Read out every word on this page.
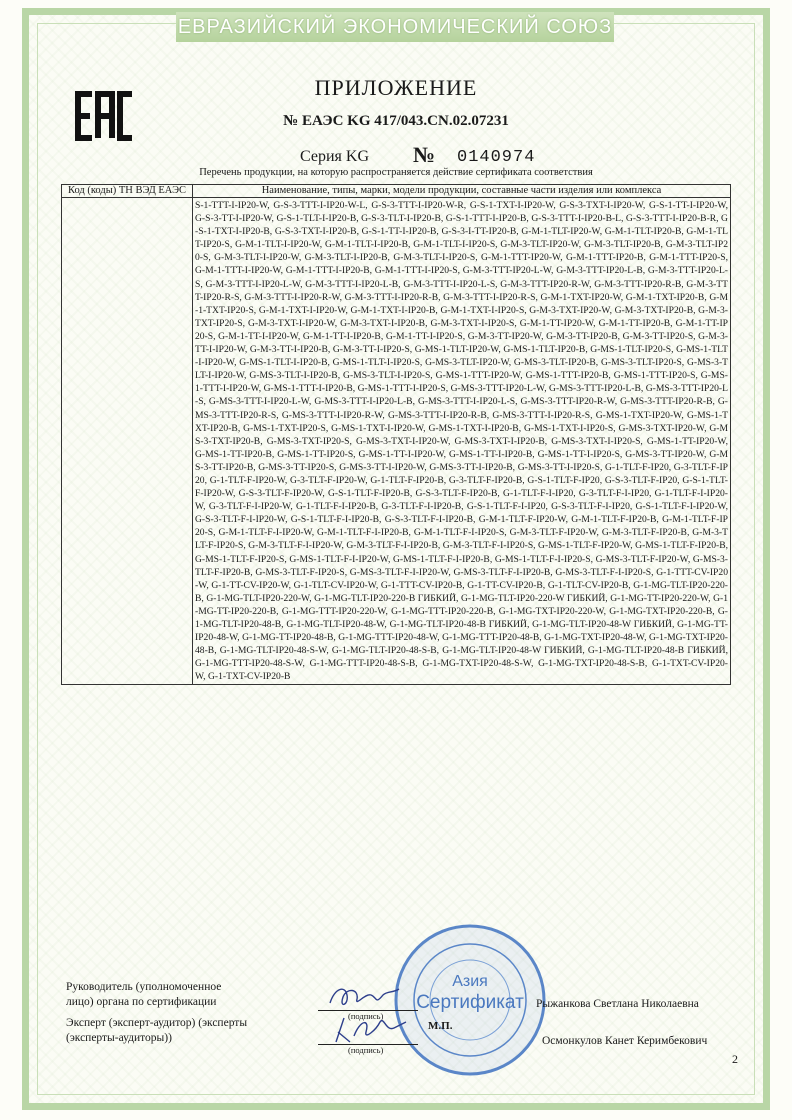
ЕВРАЗИЙСКИЙ ЭКОНОМИЧЕСКИЙ СОЮЗ
ПРИЛОЖЕНИЕ
№ ЕАЭС KG 417/043.CN.02.07231
Серия KG № 0140974
Перечень продукции, на которую распространяется действие сертификата соответствия
Код (коды) ТН ВЭД ЕАЭС	Наименование, типы, марки, модели продукции, составные части изделия или комплекса
	S-1-TTT-I-IP20-W, G-S-3-TTT-I-IP20-W-L, G-S-3-TTT-I-IP20-W-R, G-S-1-TXT-I-IP20-W, G-S-3-TXT-I-IP20-W, G-S-1-TT-I-IP20-W, G-S-3-TT-I-IP20-W, G-S-1-TLT-I-IP20-B, G-S-3-TLT-I-IP20-B, G-S-1-TTT-I-IP20-B, G-S-3-TTT-I-IP20-B-L, G-S-3-TTT-I-IP20-B-R, G-S-1-TXT-I-IP20-B, G-S-3-TXT-I-IP20-B, G-S-1-TT-I-IP20-B, G-S-3-I-TT-IP20-B, G-M-1-TLT-IP20-W, G-M-1-TLT-IP20-B, G-M-1-TLT-IP20-S, G-M-1-TLT-I-IP20-W, G-M-1-TLT-I-IP20-B, G-M-1-TLT-I-IP20-S, G-M-3-TLT-IP20-W, G-M-3-TLT-IP20-B, G-M-3-TLT-IP20-S, G-M-3-TLT-I-IP20-W, G-M-3-TLT-I-IP20-B, G-M-3-TLT-I-IP20-S, G-M-1-TTT-IP20-W, G-M-1-TTT-IP20-B, G-M-1-TTT-IP20-S, G-M-1-TTT-I-IP20-W, G-M-1-TTT-I-IP20-B, G-M-1-TTT-I-IP20-S, G-M-3-TTT-IP20-L-W, G-M-3-TTT-IP20-L-B, G-M-3-TTT-IP20-L-S, G-M-3-TTT-I-IP20-L-W, G-M-3-TTT-I-IP20-L-B, G-M-3-TTT-I-IP20-L-S, G-M-3-TTT-IP20-R-W, G-M-3-TTT-IP20-R-B, G-M-3-TTT-IP20-R-S, G-M-3-TTT-I-IP20-R-W, G-M-3-TTT-I-IP20-R-B, G-M-3-TTT-I-IP20-R-S, G-M-1-TXT-IP20-W, G-M-1-TXT-IP20-B, G-M-1-TXT-IP20-S, G-M-1-TXT-I-IP20-W, G-M-1-TXT-I-IP20-B, G-M-1-TXT-I-IP20-S, G-M-3-TXT-IP20-W, G-M-3-TXT-IP20-B, G-M-3-TXT-IP20-S, G-M-3-TXT-I-IP20-W, G-M-3-TXT-I-IP20-B, G-M-3-TXT-I-IP20-S, G-M-1-TT-IP20-W, G-M-1-TT-IP20-B, G-M-1-TT-IP20-S, G-M-1-TT-I-IP20-W, G-M-1-TT-I-IP20-B, G-M-1-TT-I-IP20-S, G-M-3-TT-IP20-W, G-M-3-TT-IP20-B, G-M-3-TT-IP20-S, G-M-3-TT-I-IP20-W, G-M-3-TT-I-IP20-B, G-M-3-TT-I-IP20-S, G-MS-1-TLT-IP20-W, G-MS-1-TLT-IP20-B, G-MS-1-TLT-IP20-S, G-MS-1-TLT-I-IP20-W, G-MS-1-TLT-I-IP20-B, G-MS-1-TLT-I-IP20-S, G-MS-3-TLT-IP20-W, G-MS-3-TLT-IP20-B, G-MS-3-TLT-IP20-S, G-MS-3-TLT-I-IP20-W, G-MS-3-TLT-I-IP20-B, G-MS-3-TLT-I-IP20-S, G-MS-1-TTT-IP20-W, G-MS-1-TTT-IP20-B, G-MS-1-TTT-IP20-S, G-MS-1-TTT-I-IP20-W, G-MS-1-TTT-I-IP20-B, G-MS-1-TTT-I-IP20-S, G-MS-3-TTT-IP20-L-W, G-MS-3-TTT-IP20-L-B, G-MS-3-TTT-IP20-L-S, G-MS-3-TTT-I-IP20-L-W, G-MS-3-TTT-I-IP20-L-B, G-MS-3-TTT-I-IP20-L-S, G-MS-3-TTT-IP20-R-W, G-MS-3-TTT-IP20-R-B, G-MS-3-TTT-IP20-R-S, G-MS-3-TTT-I-IP20-R-W, G-MS-3-TTT-I-IP20-R-B, G-MS-3-TTT-I-IP20-R-S, G-MS-1-TXT-IP20-W, G-MS-1-TXT-IP20-B, G-MS-1-TXT-IP20-S, G-MS-1-TXT-I-IP20-W, G-MS-1-TXT-I-IP20-B, G-MS-1-TXT-I-IP20-S, G-MS-3-TXT-IP20-W, G-MS-3-TXT-IP20-B, G-MS-3-TXT-IP20-S, G-MS-3-TXT-I-IP20-W, G-MS-3-TXT-I-IP20-B, G-MS-3-TXT-I-IP20-S, G-MS-1-TT-IP20-W, G-MS-1-TT-IP20-B, G-MS-1-TT-IP20-S, G-MS-1-TT-I-IP20-W, G-MS-1-TT-I-IP20-B, G-MS-1-TT-I-IP20-S, G-MS-3-TT-IP20-W, G-MS-3-TT-IP20-B, G-MS-3-TT-IP20-S, G-MS-3-TT-I-IP20-W, G-MS-3-TT-I-IP20-B, G-MS-3-TT-I-IP20-S, G-1-TLT-F-IP20, G-3-TLT-F-IP20, G-1-TLT-F-IP20-W, G-3-TLT-F-IP20-W, G-1-TLT-F-IP20-B, G-3-TLT-F-IP20-B, G-S-1-TLT-F-IP20, G-S-3-TLT-F-IP20, G-S-1-TLT-F-IP20-W, G-S-3-TLT-F-IP20-W, G-S-1-TLT-F-IP20-B, G-S-3-TLT-F-IP20-B, G-1-TLT-F-I-IP20, G-3-TLT-F-I-IP20, G-1-TLT-F-I-IP20-W, G-3-TLT-F-I-IP20-W, G-1-TLT-F-I-IP20-B, G-3-TLT-F-I-IP20-B, G-S-1-TLT-F-I-IP20, G-S-3-TLT-F-I-IP20, G-S-1-TLT-F-I-IP20-W, G-S-3-TLT-F-I-IP20-W, G-S-1-TLT-F-I-IP20-B, G-S-3-TLT-F-I-IP20-B, G-M-1-TLT-F-IP20-W, G-M-1-TLT-F-IP20-B, G-M-1-TLT-F-IP20-S, G-M-1-TLT-F-I-IP20-W, G-M-1-TLT-F-I-IP20-B, G-M-1-TLT-F-I-IP20-S, G-M-3-TLT-F-IP20-W, G-M-3-TLT-F-IP20-B, G-M-3-TLT-F-IP20-S, G-M-3-TLT-F-I-IP20-W, G-M-3-TLT-F-I-IP20-B, G-M-3-TLT-F-I-IP20-S, G-MS-1-TLT-F-IP20-W, G-MS-1-TLT-F-IP20-B, G-MS-1-TLT-F-IP20-S, G-MS-1-TLT-F-I-IP20-W, G-MS-1-TLT-F-I-IP20-B, G-MS-1-TLT-F-I-IP20-S, G-MS-3-TLT-F-IP20-W, G-MS-3-TLT-F-IP20-B, G-MS-3-TLT-F-IP20-S, G-MS-3-TLT-F-I-IP20-W, G-MS-3-TLT-F-I-IP20-B, G-MS-3-TLT-F-I-IP20-S, G-1-TTT-CV-IP20-W, G-1-TT-CV-IP20-W, G-1-TLT-CV-IP20-W, G-1-TTT-CV-IP20-B, G-1-TT-CV-IP20-B, G-1-TLT-CV-IP20-B, G-1-MG-TLT-IP20-220-B, G-1-MG-TLT-IP20-220-W, G-1-MG-TLT-IP20-220-B ГИБКИЙ, G-1-MG-TLT-IP20-220-W ГИБКИЙ, G-1-MG-TT-IP20-220-W, G-1-MG-TT-IP20-220-B, G-1-MG-TTT-IP20-220-W, G-1-MG-TTT-IP20-220-B, G-1-MG-TXT-IP20-220-W, G-1-MG-TXT-IP20-220-B, G-1-MG-TLT-IP20-48-B, G-1-MG-TLT-IP20-48-W, G-1-MG-TLT-IP20-48-B ГИБКИЙ, G-1-MG-TLT-IP20-48-W ГИБКИЙ, G-1-MG-TT-IP20-48-W, G-1-MG-TT-IP20-48-B, G-1-MG-TTT-IP20-48-W, G-1-MG-TTT-IP20-48-B, G-1-MG-TXT-IP20-48-W, G-1-MG-TXT-IP20-48-B, G-1-MG-TLT-IP20-48-S-W, G-1-MG-TLT-IP20-48-S-B, G-1-MG-TLT-IP20-48-W ГИБКИЙ, G-1-MG-TLT-IP20-48-B ГИБКИЙ, G-1-MG-TTT-IP20-48-S-W, G-1-MG-TTT-IP20-48-S-B, G-1-MG-TXT-IP20-48-S-W, G-1-MG-TXT-IP20-48-S-B, G-1-TXT-CV-IP20-W, G-1-TXT-CV-IP20-B
Руководитель (уполномоченное лицо) органа по сертификации
Эксперт (эксперт-аудитор) (эксперты (эксперты-аудиторы))
Азия
Сертификат
(подпись)
(подпись)
М.П.
Рыжанкова Светлана Николаевна
Осмонкулов Канет Керимбекович
2
